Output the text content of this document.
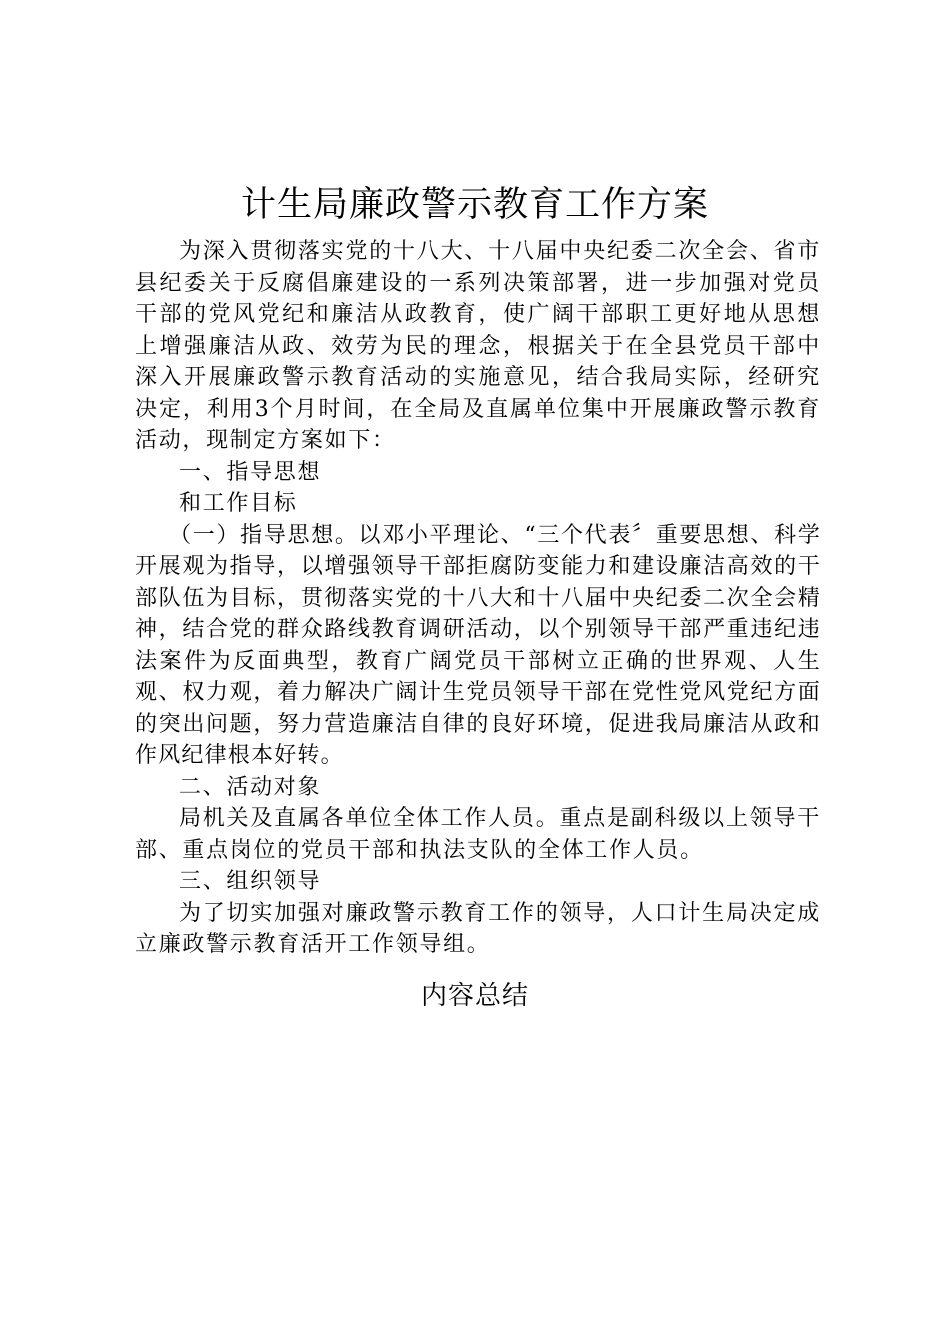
计生局廉政警示教育工作方案

为深入贯彻落实党的十八大、十八届中央纪委二次全会、省市县纪委关于反腐倡廉建设的一系列决策部署，进一步加强对党员干部的党风党纪和廉洁从政教育，使广阔干部职工更好地从思想上增强廉洁从政、效劳为民的理念，根据关于在全县党员干部中深入开展廉政警示教育活动的实施意见，结合我局实际，经研究决定，利用3个月时间，在全局及直属单位集中开展廉政警示教育活动，现制定方案如下：

一、指导思想

和工作目标

（一）指导思想。以邓小平理论、“三个代表〞重要思想、科学开展观为指导，以增强领导干部拒腐防变能力和建设廉洁高效的干部队伍为目标，贯彻落实党的十八大和十八届中央纪委二次全会精神，结合党的群众路线教育调研活动，以个别领导干部严重违纪违法案件为反面典型，教育广阔党员干部树立正确的世界观、人生观、权力观，着力解决广阔计生党员领导干部在党性党风党纪方面的突出问题，努力营造廉洁自律的良好环境，促进我局廉洁从政和作风纪律根本好转。

二、活动对象

局机关及直属各单位全体工作人员。重点是副科级以上领导干部、重点岗位的党员干部和执法支队的全体工作人员。

三、组织领导

为了切实加强对廉政警示教育工作的领导，人口计生局决定成立廉政警示教育活开工作领导组。

内容总结
